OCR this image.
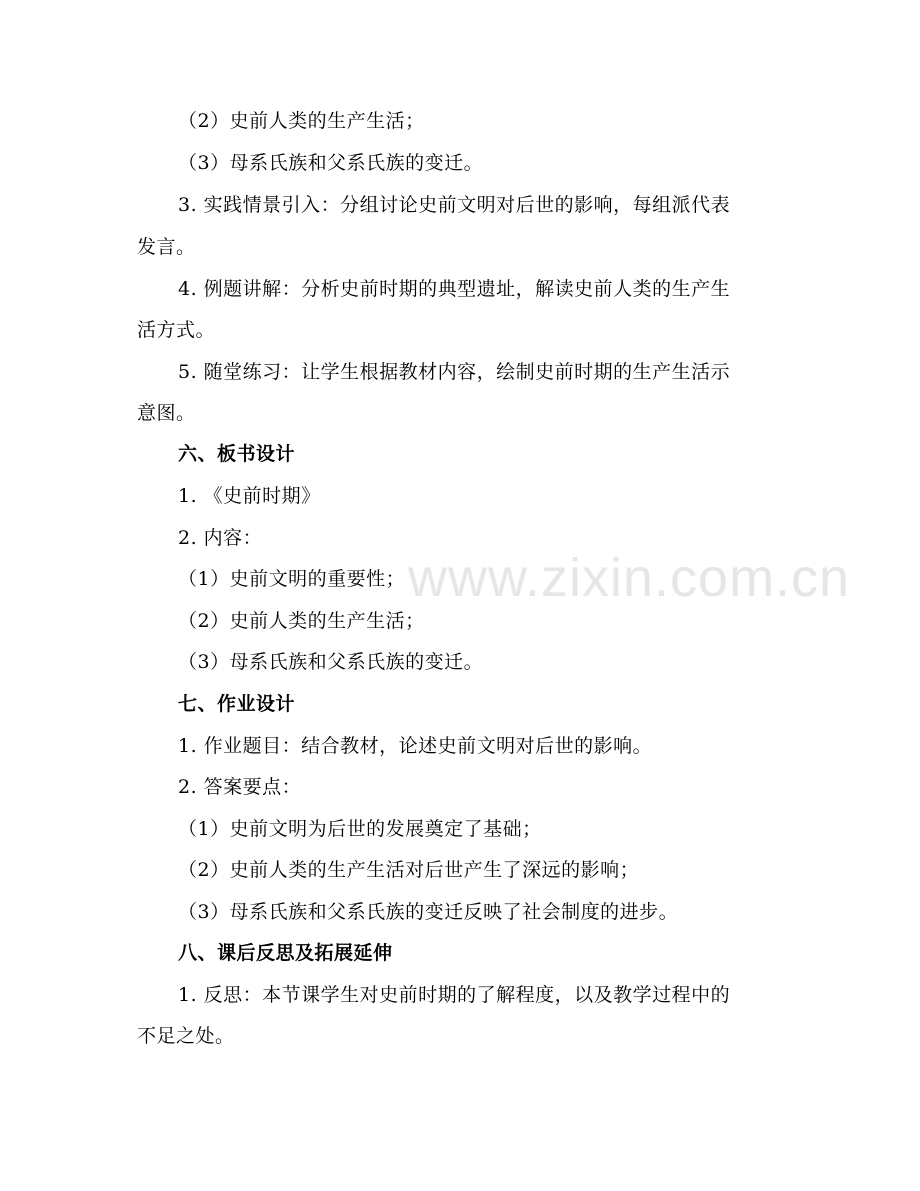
www.zixin.com.cn
（2）史前人类的生产生活；
（3）母系氏族和父系氏族的变迁。
3. 实践情景引入：分组讨论史前文明对后世的影响，每组派代表
发言。
4. 例题讲解：分析史前时期的典型遗址，解读史前人类的生产生
活方式。
5. 随堂练习：让学生根据教材内容，绘制史前时期的生产生活示
意图。
六、板书设计
1. 《史前时期》
2. 内容：
（1）史前文明的重要性；
（2）史前人类的生产生活；
（3）母系氏族和父系氏族的变迁。
七、作业设计
1. 作业题目：结合教材，论述史前文明对后世的影响。
2. 答案要点：
（1）史前文明为后世的发展奠定了基础；
（2）史前人类的生产生活对后世产生了深远的影响；
（3）母系氏族和父系氏族的变迁反映了社会制度的进步。
八、课后反思及拓展延伸
1. 反思：本节课学生对史前时期的了解程度，以及教学过程中的
不足之处。
